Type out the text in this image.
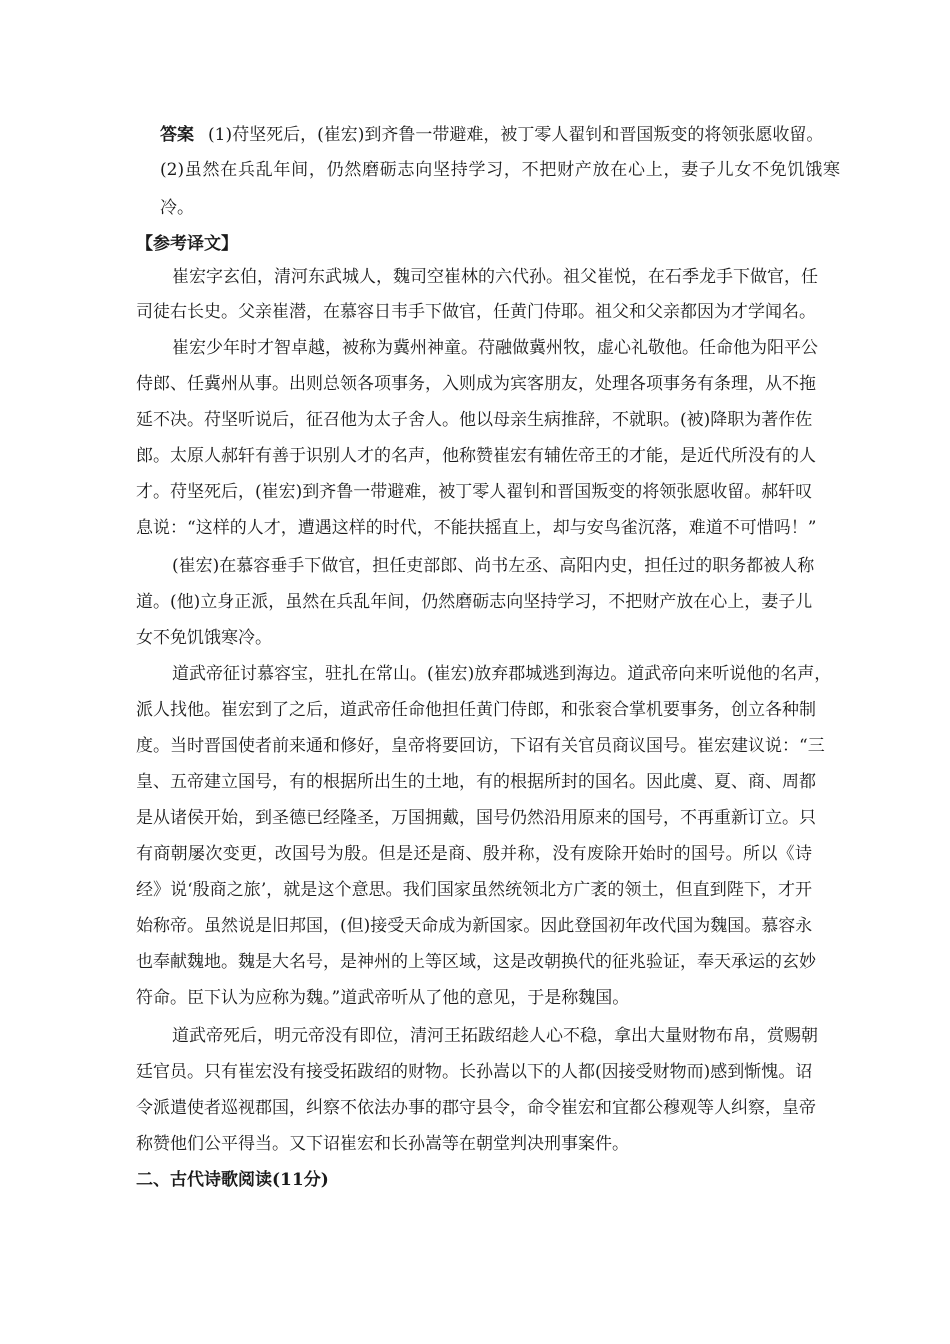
答案 (1)苻坚死后，(崔宏)到齐鲁一带避难，被丁零人翟钊和晋国叛变的将领张愿收留。
(2)虽然在兵乱年间，仍然磨砺志向坚持学习，不把财产放在心上，妻子儿女不免饥饿寒
冷。
【参考译文】
崔宏字玄伯，清河东武城人，魏司空崔林的六代孙。祖父崔悦，在石季龙手下做官，任
司徒右长史。父亲崔潜，在慕容日韦手下做官，任黄门侍耶。祖父和父亲都因为才学闻名。
崔宏少年时才智卓越，被称为冀州神童。苻融做冀州牧，虚心礼敬他。任命他为阳平公
侍郎、任冀州从事。出则总领各项事务，入则成为宾客朋友，处理各项事务有条理，从不拖
延不决。苻坚听说后，征召他为太子舍人。他以母亲生病推辞，不就职。(被)降职为著作佐
郎。太原人郝轩有善于识别人才的名声，他称赞崔宏有辅佐帝王的才能，是近代所没有的人
才。苻坚死后，(崔宏)到齐鲁一带避难，被丁零人翟钊和晋国叛变的将领张愿收留。郝轩叹
息说：“这样的人才，遭遇这样的时代，不能扶摇直上，却与安鸟雀沉落，难道不可惜吗！”
(崔宏)在慕容垂手下做官，担任吏部郎、尚书左丞、高阳内史，担任过的职务都被人称
道。(他)立身正派，虽然在兵乱年间，仍然磨砺志向坚持学习，不把财产放在心上，妻子儿
女不免饥饿寒冷。
道武帝征讨慕容宝，驻扎在常山。(崔宏)放弃郡城逃到海边。道武帝向来听说他的名声，
派人找他。崔宏到了之后，道武帝任命他担任黄门侍郎，和张衮合掌机要事务，创立各种制
度。当时晋国使者前来通和修好，皇帝将要回访，下诏有关官员商议国号。崔宏建议说：“三
皇、五帝建立国号，有的根据所出生的土地，有的根据所封的国名。因此虞、夏、商、周都
是从诸侯开始，到圣德已经隆圣，万国拥戴，国号仍然沿用原来的国号，不再重新订立。只
有商朝屡次变更，改国号为殷。但是还是商、殷并称，没有废除开始时的国号。所以《诗
经》说‘殷商之旅’，就是这个意思。我们国家虽然统领北方广袤的领土，但直到陛下，才开
始称帝。虽然说是旧邦国，(但)接受天命成为新国家。因此登国初年改代国为魏国。慕容永
也奉献魏地。魏是大名号，是神州的上等区域，这是改朝换代的征兆验证，奉天承运的玄妙
符命。臣下认为应称为魏。”道武帝听从了他的意见，于是称魏国。
道武帝死后，明元帝没有即位，清河王拓跋绍趁人心不稳，拿出大量财物布帛，赏赐朝
廷官员。只有崔宏没有接受拓跋绍的财物。长孙嵩以下的人都(因接受财物而)感到惭愧。诏
令派遣使者巡视郡国，纠察不依法办事的郡守县令，命令崔宏和宜都公穆观等人纠察，皇帝
称赞他们公平得当。又下诏崔宏和长孙嵩等在朝堂判决刑事案件。
二、古代诗歌阅读(11分)
